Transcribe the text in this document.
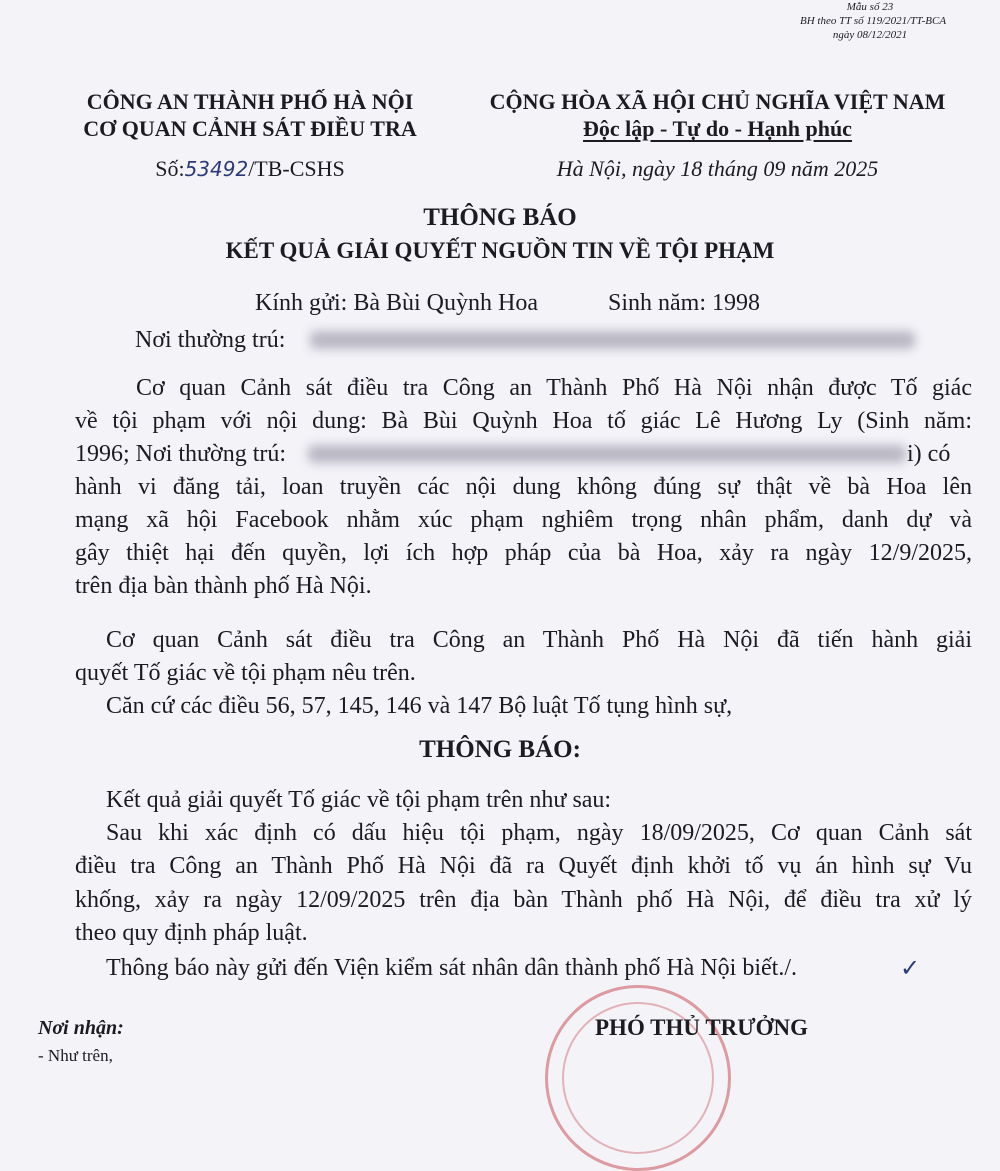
Mẫu số 23
BH theo TT số 119/2021/TT-BCA
ngày 08/12/2021
CÔNG AN THÀNH PHỐ HÀ NỘI
CƠ QUAN CẢNH SÁT ĐIỀU TRA
Số:53492/TB-CSHS
CỘNG HÒA XÃ HỘI CHỦ NGHĨA VIỆT NAM
Độc lập - Tự do - Hạnh phúc
Hà Nội, ngày 18 tháng 09 năm 2025
THÔNG BÁO
KẾT QUẢ GIẢI QUYẾT NGUỒN TIN VỀ TỘI PHẠM
Kính gửi: Bà Bùi Quỳnh Hoa	Sinh năm: 1998
Nơi thường trú:
Cơ quan Cảnh sát điều tra Công an Thành Phố Hà Nội nhận được Tố giác
về tội phạm với nội dung: Bà Bùi Quỳnh Hoa tố giác Lê Hương Ly (Sinh năm:
1996; Nơi thường trú:	i) có
hành vi đăng tải, loan truyền các nội dung không đúng sự thật về bà Hoa lên
mạng xã hội Facebook nhằm xúc phạm nghiêm trọng nhân phẩm, danh dự và
gây thiệt hại đến quyền, lợi ích hợp pháp của bà Hoa, xảy ra ngày 12/9/2025,
trên địa bàn thành phố Hà Nội.
Cơ quan Cảnh sát điều tra Công an Thành Phố Hà Nội đã tiến hành giải
quyết Tố giác về tội phạm nêu trên.
Căn cứ các điều 56, 57, 145, 146 và 147 Bộ luật Tố tụng hình sự,
THÔNG BÁO:
Kết quả giải quyết Tố giác về tội phạm trên như sau:
Sau khi xác định có dấu hiệu tội phạm, ngày 18/09/2025, Cơ quan Cảnh sát
điều tra Công an Thành Phố Hà Nội đã ra Quyết định khởi tố vụ án hình sự Vu
khống, xảy ra ngày 12/09/2025 trên địa bàn Thành phố Hà Nội, để điều tra xử lý
theo quy định pháp luật.
Thông báo này gửi đến Viện kiểm sát nhân dân thành phố Hà Nội biết./.	✓
Nơi nhận:
- Như trên,
PHÓ THỦ TRƯỞNG
